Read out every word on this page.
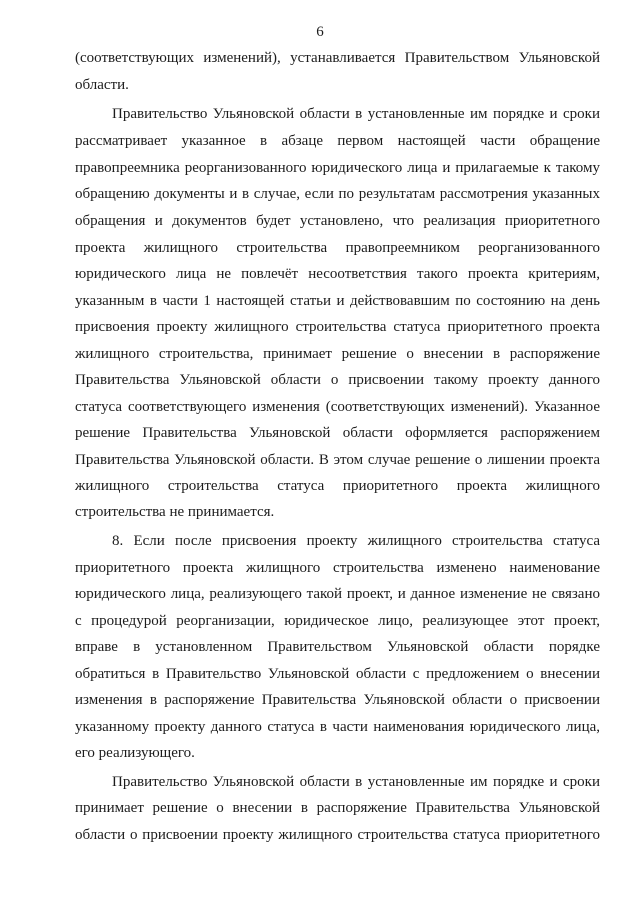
6
(соответствующих изменений), устанавливается Правительством Ульяновской
области.
Правительство Ульяновской области в установленные им порядке и сроки
рассматривает указанное в абзаце первом настоящей части обращение
правопреемника реорганизованного юридического лица и прилагаемые к такому
обращению документы и в случае, если по результатам рассмотрения указанных
обращения и документов будет установлено, что реализация приоритетного
проекта жилищного строительства правопреемником реорганизованного
юридического лица не повлечёт несоответствия такого проекта критериям,
указанным в части 1 настоящей статьи и действовавшим по состоянию на день
присвоения проекту жилищного строительства статуса приоритетного проекта
жилищного строительства, принимает решение о внесении в распоряжение
Правительства Ульяновской области о присвоении такому проекту данного
статуса соответствующего изменения (соответствующих изменений). Указанное
решение Правительства Ульяновской области оформляется распоряжением
Правительства Ульяновской области. В этом случае решение о лишении проекта
жилищного строительства статуса приоритетного проекта жилищного
строительства не принимается.
8. Если после присвоения проекту жилищного строительства статуса
приоритетного проекта жилищного строительства изменено наименование
юридического лица, реализующего такой проект, и данное изменение не связано
с процедурой реорганизации, юридическое лицо, реализующее этот проект,
вправе в установленном Правительством Ульяновской области порядке
обратиться в Правительство Ульяновской области с предложением о внесении
изменения в распоряжение Правительства Ульяновской области о присвоении
указанному проекту данного статуса в части наименования юридического лица,
его реализующего.
Правительство Ульяновской области в установленные им порядке и сроки
принимает решение о внесении в распоряжение Правительства Ульяновской
области о присвоении проекту жилищного строительства статуса приоритетного
